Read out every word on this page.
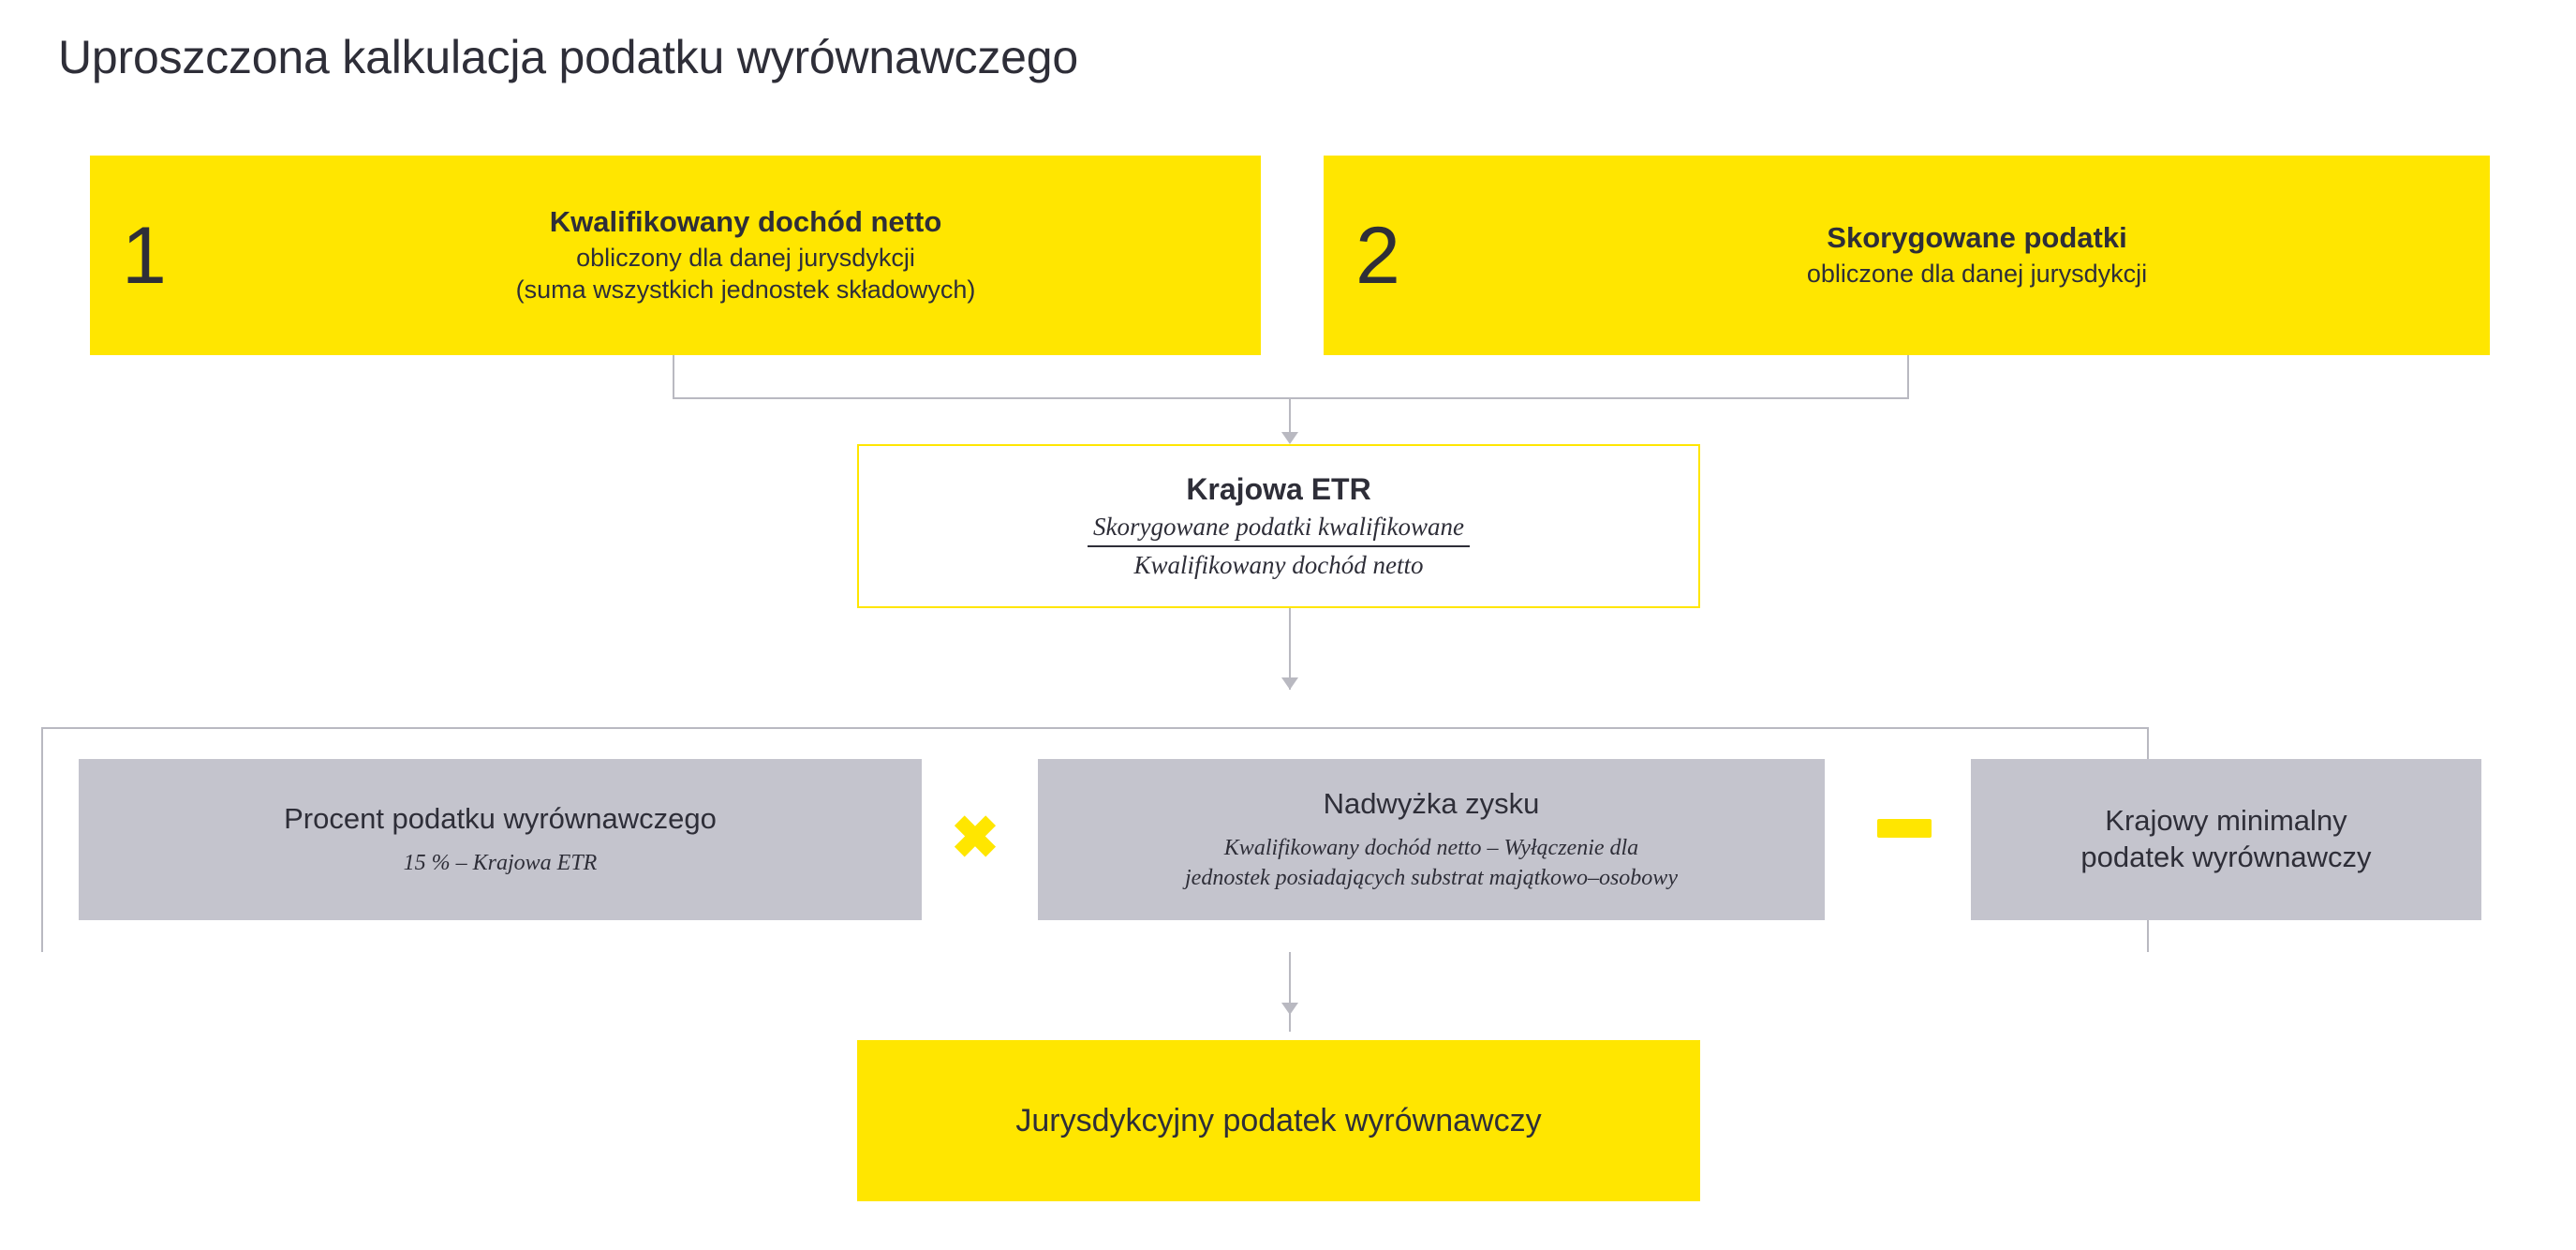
Uproszczona kalkulacja podatku wyrównawczego
1	Kwalifikowany dochód netto
obliczony dla danej jurysdykcji
(suma wszystkich jednostek składowych)	2	Skorygowane podatki
obliczone dla danej jurysdykcji
Krajowa ETR
$\frac{\text{Skorygowane podatki kwalifikowane}}{\text{Kwalifikowany dochód netto}}$
Procent podatku wyrównawczego
15 % – Krajowa ETR	✖
Nadwyżka zysku
Kwalifikowany dochód netto – Wyłączenie dla
jednostek posiadających substrat majątkowo–osobowy
Krajowy minimalny
podatek wyrównawczy
Jurysdykcyjny podatek wyrównawczy
